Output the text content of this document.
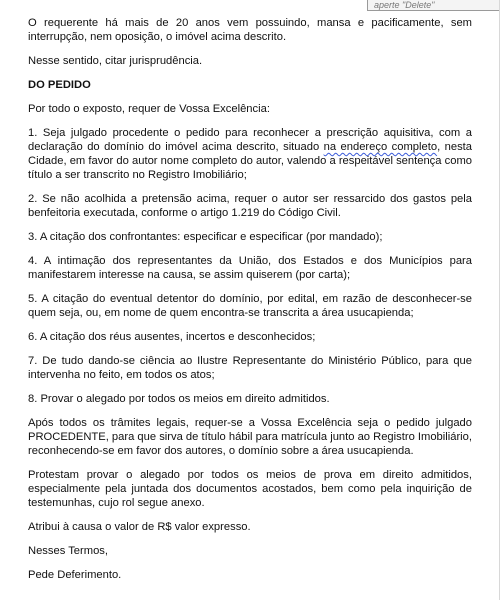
aperte "Delete"

O requerente há mais de 20 anos vem possuindo, mansa e pacificamente, sem interrupção, nem oposição, o imóvel acima descrito.

Nesse sentido, citar jurisprudência.

DO PEDIDO

Por todo o exposto, requer de Vossa Excelência:

1. Seja julgado procedente o pedido para reconhecer a prescrição aquisitiva, com a declaração do domínio do imóvel acima descrito, situado na endereço completo, nesta Cidade, em favor do autor nome completo do autor, valendo a respeitável sentença como título a ser transcrito no Registro Imobiliário;

2. Se não acolhida a pretensão acima, requer o autor ser ressarcido dos gastos pela benfeitoria executada, conforme o artigo 1.219 do Código Civil.

3. A citação dos confrontantes: especificar e especificar (por mandado);

4. A intimação dos representantes da União, dos Estados e dos Municípios para manifestarem interesse na causa, se assim quiserem (por carta);

5. A citação do eventual detentor do domínio, por edital, em razão de desconhecer-se quem seja, ou, em nome de quem encontra-se transcrita a área usucapienda;

6. A citação dos réus ausentes, incertos e desconhecidos;

7. De tudo dando-se ciência ao Ilustre Representante do Ministério Público, para que intervenha no feito, em todos os atos;

8. Provar o alegado por todos os meios em direito admitidos.

Após todos os trâmites legais, requer-se a Vossa Excelência seja o pedido julgado PROCEDENTE, para que sirva de título hábil para matrícula junto ao Registro Imobiliário, reconhecendo-se em favor dos autores, o domínio sobre a área usucapienda.

Protestam provar o alegado por todos os meios de prova em direito admitidos, especialmente pela juntada dos documentos acostados, bem como pela inquirição de testemunhas, cujo rol segue anexo.

Atribui à causa o valor de R$ valor expresso.

Nesses Termos,

Pede Deferimento.
